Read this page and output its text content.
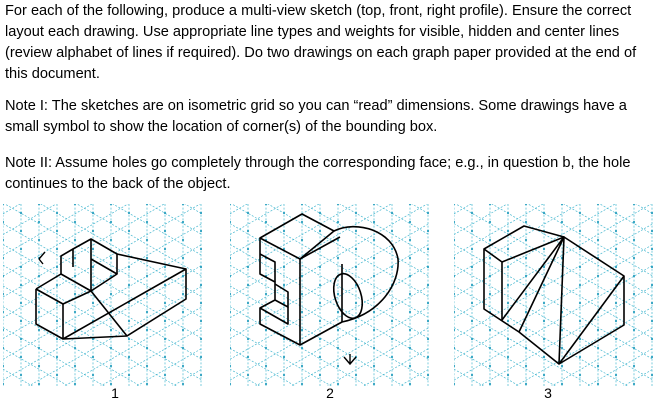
For each of the following, produce a multi-view sketch (top, front, right profile). Ensure the correct layout each drawing. Use appropriate line types and weights for visible, hidden and center lines (review alphabet of lines if required). Do two drawings on each graph paper provided at the end of this document.

Note I: The sketches are on isometric grid so you can “read” dimensions. Some drawings have a small symbol to show the location of corner(s) of the bounding box.

Note II: Assume holes go completely through the corresponding face; e.g., in question b, the hole continues to the back of the object.

1	2	3
